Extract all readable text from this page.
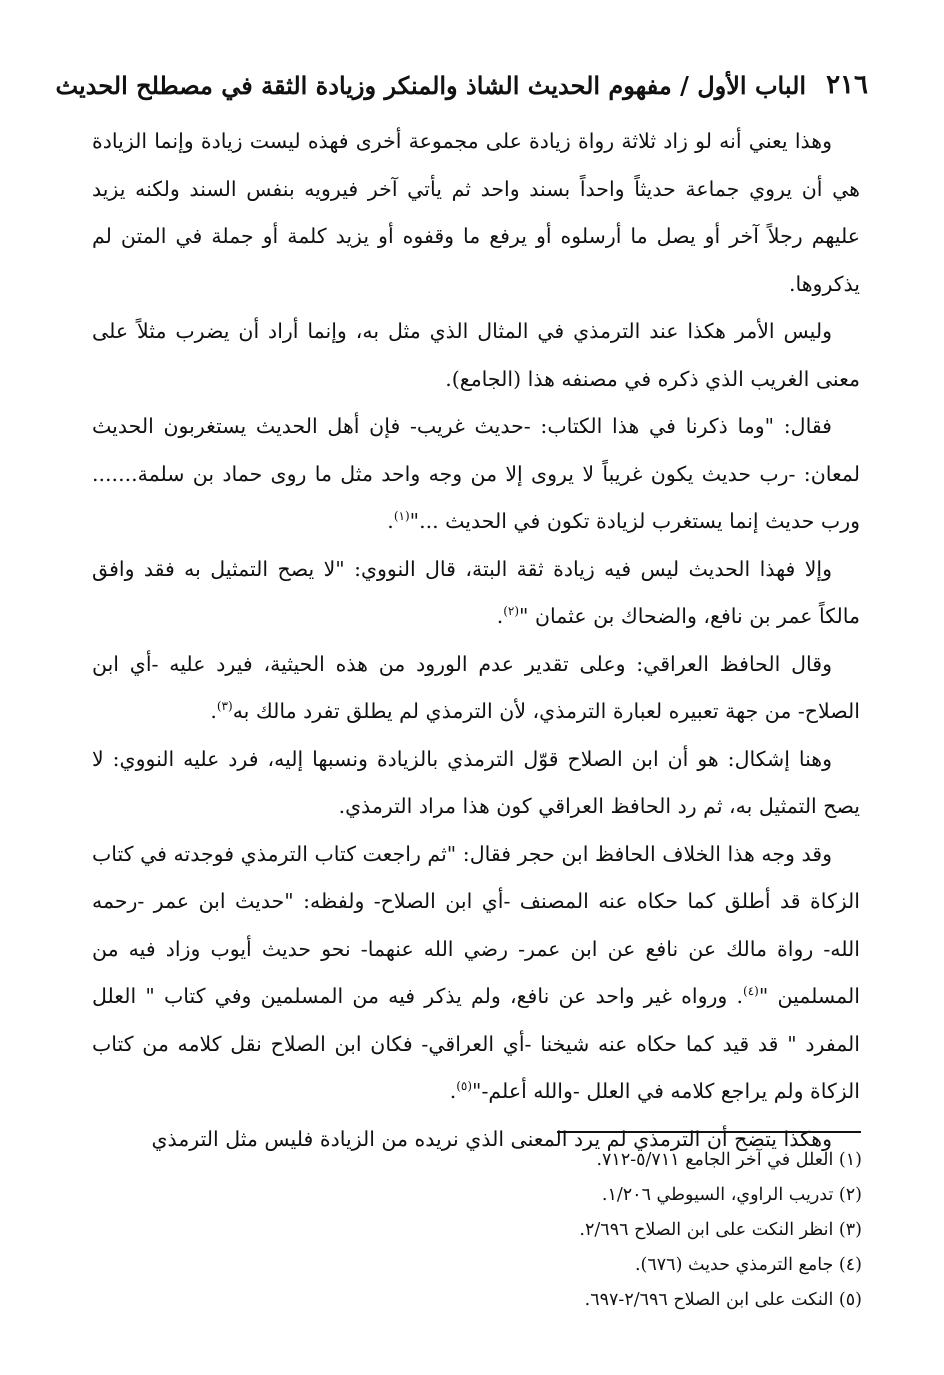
٢١٦
الباب الأول / مفهوم الحديث الشاذ والمنكر وزيادة الثقة في مصطلح الحديث

وهذا يعني أنه لو زاد ثلاثة رواة زيادة على مجموعة أخرى فهذه ليست زيادة وإنما الزيادة هي أن يروي جماعة حديثاً واحداً بسند واحد ثم يأتي آخر فيرويه بنفس السند ولكنه يزيد عليهم رجلاً آخر أو يصل ما أرسلوه أو يرفع ما وقفوه أو يزيد كلمة أو جملة في المتن لم يذكروها.

وليس الأمر هكذا عند الترمذي في المثال الذي مثل به، وإنما أراد أن يضرب مثلاً على معنى الغريب الذي ذكره في مصنفه هذا (الجامع).

فقال: "وما ذكرنا في هذا الكتاب: -حديث غريب- فإن أهل الحديث يستغربون الحديث لمعان: -رب حديث يكون غريباً لا يروى إلا من وجه واحد مثل ما روى حماد بن سلمة....... ورب حديث إنما يستغرب لزيادة تكون في الحديث ..."$^{(١)}$.

وإلا فهذا الحديث ليس فيه زيادة ثقة البتة، قال النووي: "لا يصح التمثيل به فقد وافق مالكاً عمر بن نافع، والضحاك بن عثمان "$^{(٢)}$.

وقال الحافظ العراقي: وعلى تقدير عدم الورود من هذه الحيثية، فيرد عليه -أي ابن الصلاح- من جهة تعبيره لعبارة الترمذي، لأن الترمذي لم يطلق تفرد مالك به$^{(٣)}$.

وهنا إشكال: هو أن ابن الصلاح قوّل الترمذي بالزيادة ونسبها إليه، فرد عليه النووي: لا يصح التمثيل به، ثم رد الحافظ العراقي كون هذا مراد الترمذي.

وقد وجه هذا الخلاف الحافظ ابن حجر فقال: "ثم راجعت كتاب الترمذي فوجدته في كتاب الزكاة قد أطلق كما حكاه عنه المصنف -أي ابن الصلاح- ولفظه: "حديث ابن عمر -رحمه الله- رواة مالك عن نافع عن ابن عمر- رضي الله عنهما- نحو حديث أيوب وزاد فيه من المسلمين "$^{(٤)}$. ورواه غير واحد عن نافع، ولم يذكر فيه من المسلمين وفي كتاب " العلل المفرد " قد قيد كما حكاه عنه شيخنا -أي العراقي- فكان ابن الصلاح نقل كلامه من كتاب الزكاة ولم يراجع كلامه في العلل -والله أعلم-"$^{(٥)}$.

وهكذا يتضح أن الترمذي لم يرد المعنى الذي نريده من الزيادة فليس مثل الترمذي

(١) العلل في آخر الجامع ٥/٧١١-٧١٢.

(٢) تدريب الراوي، السيوطي ١/٢٠٦.

(٣) انظر النكت على ابن الصلاح ٢/٦٩٦.

(٤) جامع الترمذي حديث (٦٧٦).

(٥) النكت على ابن الصلاح ٢/٦٩٦-٦٩٧.
